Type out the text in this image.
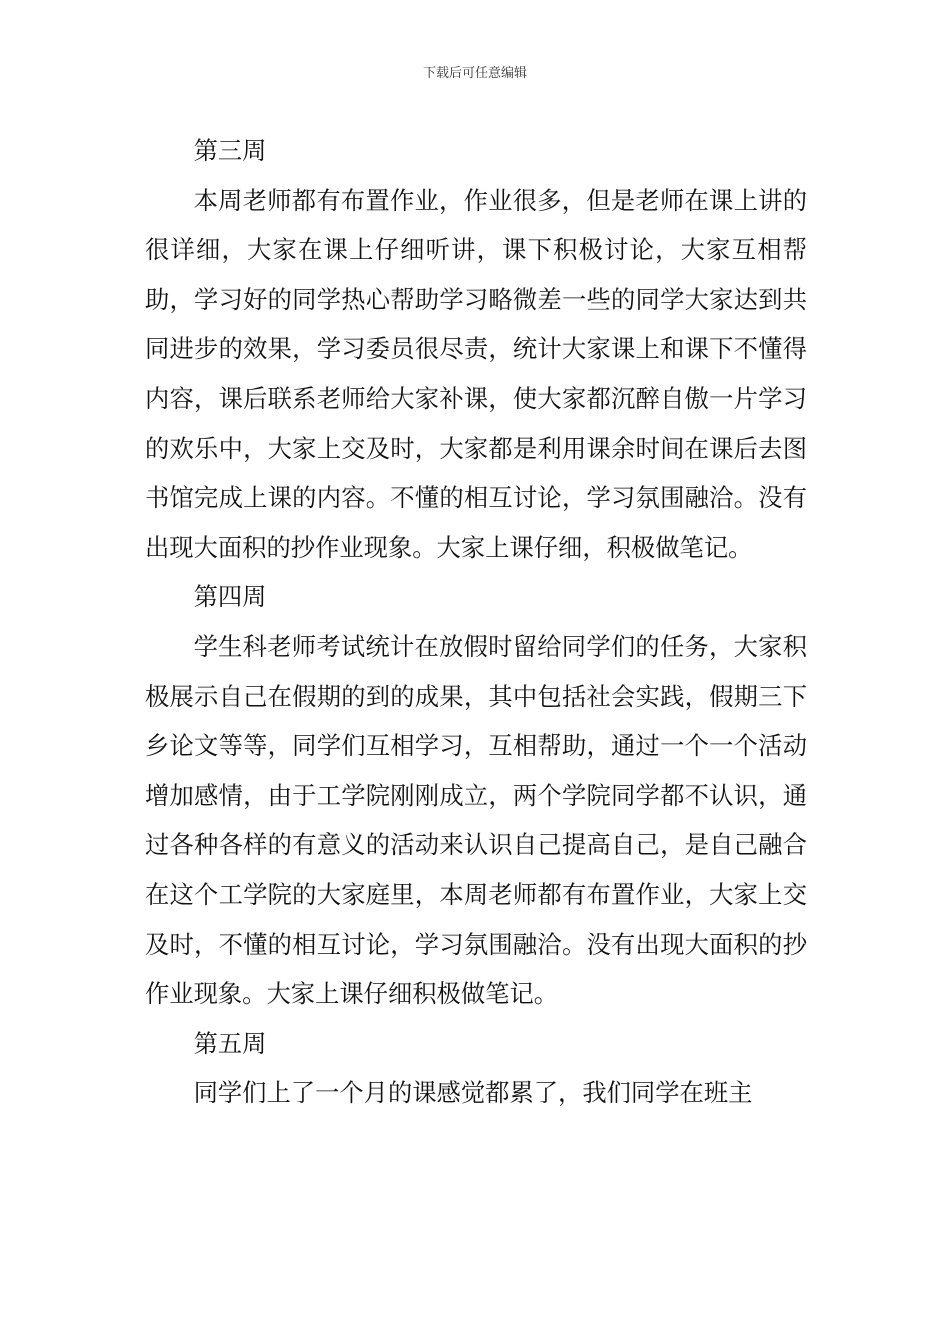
下载后可任意编辑

第三周

本周老师都有布置作业，作业很多，但是老师在课上讲的很详细，大家在课上仔细听讲，课下积极讨论，大家互相帮助，学习好的同学热心帮助学习略微差一些的同学大家达到共同进步的效果，学习委员很尽责，统计大家课上和课下不懂得内容，课后联系老师给大家补课，使大家都沉醉自傲一片学习的欢乐中，大家上交及时，大家都是利用课余时间在课后去图书馆完成上课的内容。不懂的相互讨论，学习氛围融洽。没有出现大面积的抄作业现象。大家上课仔细，积极做笔记。

第四周

学生科老师考试统计在放假时留给同学们的任务，大家积极展示自己在假期的到的成果，其中包括社会实践，假期三下乡论文等等，同学们互相学习，互相帮助，通过一个一个活动增加感情，由于工学院刚刚成立，两个学院同学都不认识，通过各种各样的有意义的活动来认识自己提高自己，是自己融合在这个工学院的大家庭里，本周老师都有布置作业，大家上交及时，不懂的相互讨论，学习氛围融洽。没有出现大面积的抄作业现象。大家上课仔细积极做笔记。

第五周

同学们上了一个月的课感觉都累了，我们同学在班主
